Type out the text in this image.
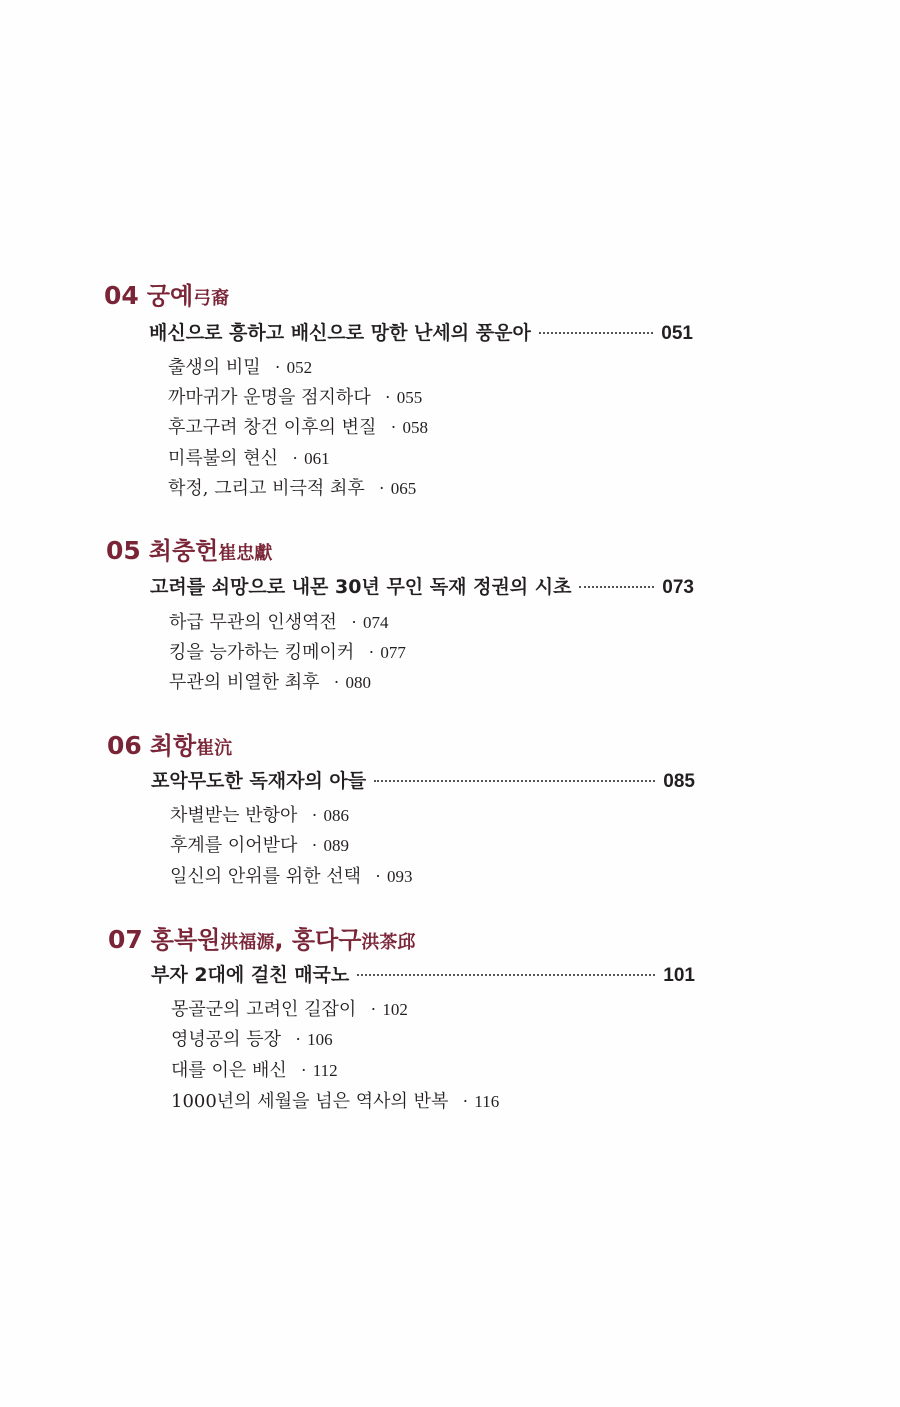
04 궁예弓裔
배신으로 흥하고 배신으로 망한 난세의 풍운아	051
출생의 비밀 · 052
까마귀가 운명을 점지하다 · 055
후고구려 창건 이후의 변질 · 058
미륵불의 현신 · 061
학정, 그리고 비극적 최후 · 065
05 최충헌崔忠獻
고려를 쇠망으로 내몬 30년 무인 독재 정권의 시초	073
하급 무관의 인생역전 · 074
킹을 능가하는 킹메이커 · 077
무관의 비열한 최후 · 080
06 최항崔沆
포악무도한 독재자의 아들	085
차별받는 반항아 · 086
후계를 이어받다 · 089
일신의 안위를 위한 선택 · 093
07 홍복원洪福源, 홍다구洪茶邱
부자 2대에 걸친 매국노	101
몽골군의 고려인 길잡이 · 102
영녕공의 등장 · 106
대를 이은 배신 · 112
1000년의 세월을 넘은 역사의 반복 · 116
